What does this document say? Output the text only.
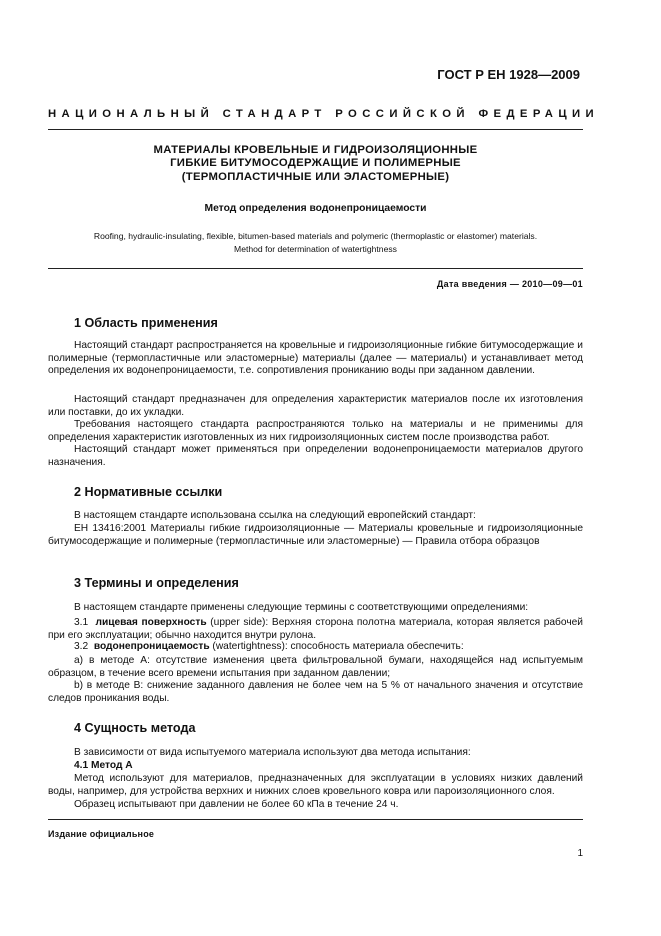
ГОСТ Р ЕН 1928—2009
НАЦИОНАЛЬНЫЙ СТАНДАРТ РОССИЙСКОЙ ФЕДЕРАЦИИ
МАТЕРИАЛЫ КРОВЕЛЬНЫЕ И ГИДРОИЗОЛЯЦИОННЫЕ
ГИБКИЕ БИТУМОСОДЕРЖАЩИЕ И ПОЛИМЕРНЫЕ
(ТЕРМОПЛАСТИЧНЫЕ ИЛИ ЭЛАСТОМЕРНЫЕ)
Метод определения водонепроницаемости
Roofing, hydraulic-insulating, flexible, bitumen-based materials and polymeric (thermoplastic or elastomer) materials.
Method for determination of watertightness
Дата введения — 2010—09—01
1 Область применения
Настоящий стандарт распространяется на кровельные и гидроизоляционные гибкие битумосодержащие и полимерные (термопластичные или эластомерные) материалы (далее — материалы) и устанавливает метод определения их водонепроницаемости, т.е. сопротивления прониканию воды при заданном давлении.
Настоящий стандарт предназначен для определения характеристик материалов после их изготовления или поставки, до их укладки.
Требования настоящего стандарта распространяются только на материалы и не применимы для определения характеристик изготовленных из них гидроизоляционных систем после производства работ.
Настоящий стандарт может применяться при определении водонепроницаемости материалов другого назначения.
2 Нормативные ссылки
В настоящем стандарте использована ссылка на следующий европейский стандарт:
ЕН 13416:2001 Материалы гибкие гидроизоляционные — Материалы кровельные и гидроизоляционные битумосодержащие и полимерные (термопластичные или эластомерные) — Правила отбора образцов
3 Термины и определения
В настоящем стандарте применены следующие термины с соответствующими определениями:
3.1 лицевая поверхность (upper side): Верхняя сторона полотна материала, которая является рабочей при его эксплуатации; обычно находится внутри рулона.
3.2 водонепроницаемость (watertightness): способность материала обеспечить:
а) в методе А: отсутствие изменения цвета фильтровальной бумаги, находящейся над испытуемым образцом, в течение всего времени испытания при заданном давлении;
b) в методе В: снижение заданного давления не более чем на 5 % от начального значения и отсутствие следов проникания воды.
4 Сущность метода
В зависимости от вида испытуемого материала используют два метода испытания:
4.1 Метод А
Метод используют для материалов, предназначенных для эксплуатации в условиях низких давлений воды, например, для устройства верхних и нижних слоев кровельного ковра или пароизоляционного слоя.
Образец испытывают при давлении не более 60 кПа в течение 24 ч.
Издание официальное
1
